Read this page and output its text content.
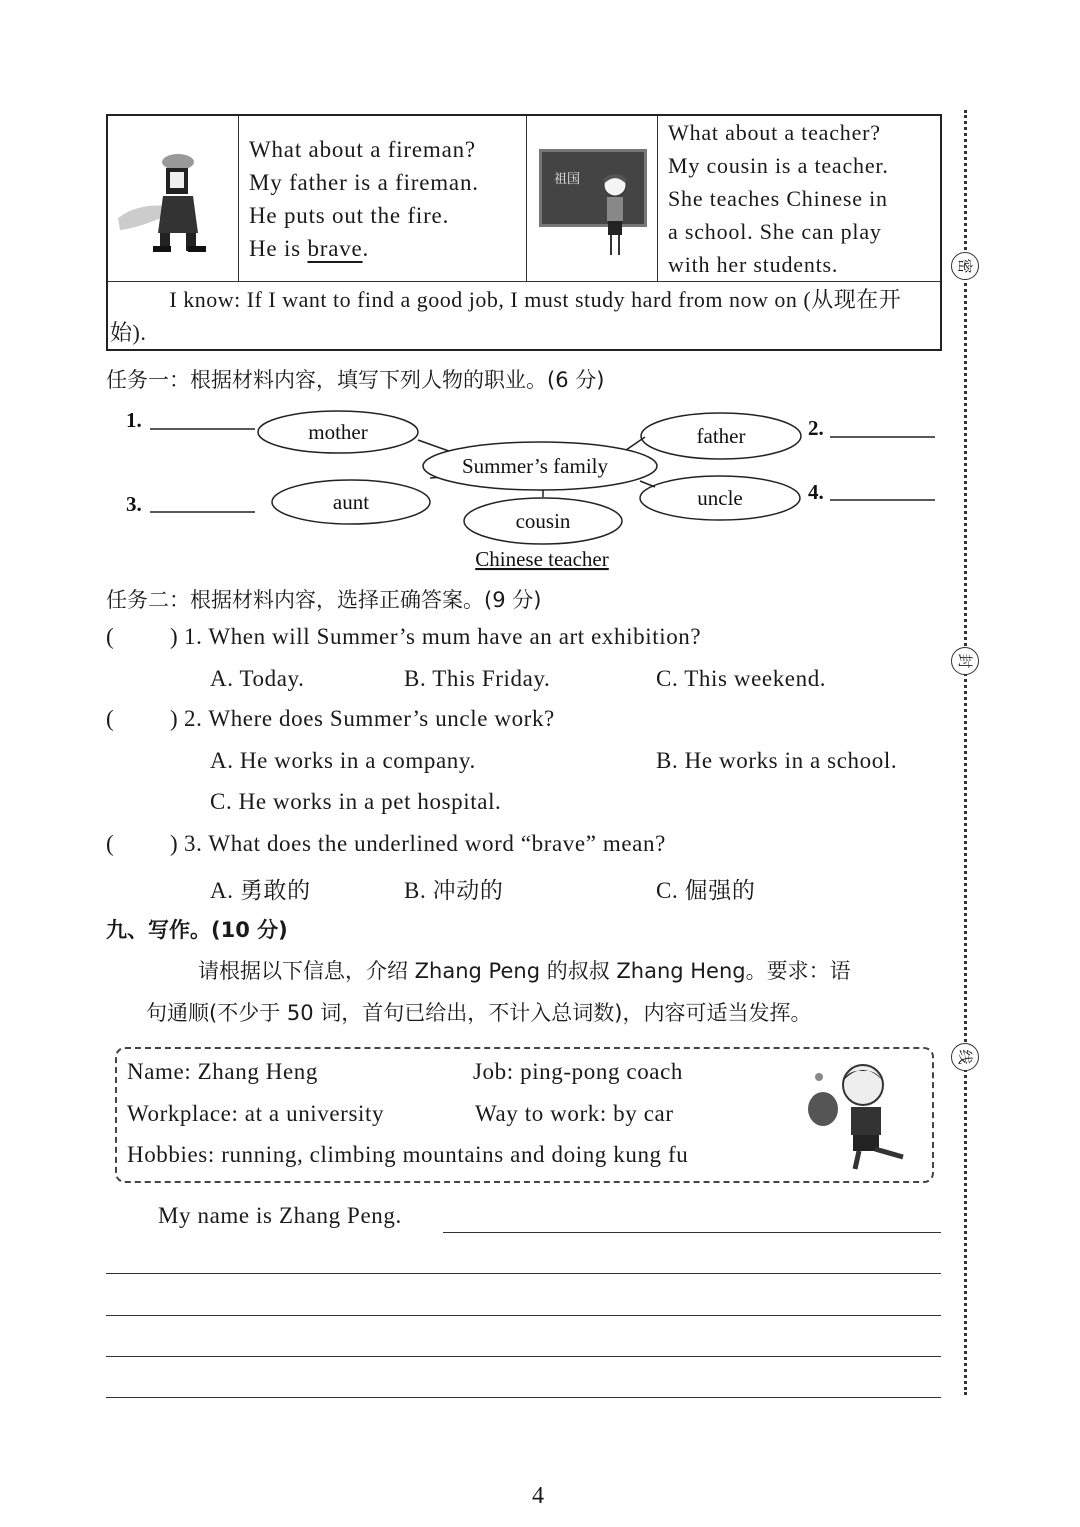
What about a fireman?
My father is a fireman.
He puts out the fire.
He is brave.

祖国

What about a teacher?
My cousin is a teacher.
She teaches Chinese in
a school. She can play
with her students.

I know: If I want to find a good job, I must study hard from now on (从现在开始).
任务一：根据材料内容，填写下列人物的职业。(6 分)
mother	father
Summer’s family
aunt	uncle
cousin
Chinese teacher
1.	2.
3.	4.
任务二：根据材料内容，选择正确答案。(9 分)
( ) 1. When will Summer’s mum have an art exhibition?
A. Today.	B. This Friday.	C. This weekend.
( ) 2. Where does Summer’s uncle work?
A. He works in a company.	B. He works in a school.
C. He works in a pet hospital.
( ) 3. What does the underlined word “brave” mean?
A. 勇敢的	B. 冲动的	C. 倔强的
九、写作。(10 分)
请根据以下信息，介绍 Zhang Peng 的叔叔 Zhang Heng。要求：语
句通顺(不少于 50 词，首句已给出，不计入总词数)，内容可适当发挥。
Name: Zhang Heng	Job: ping-pong coach
Workplace: at a university	Way to work: by car
Hobbies: running, climbing mountains and doing kung fu
My name is Zhang Peng.
密
封
线
4
